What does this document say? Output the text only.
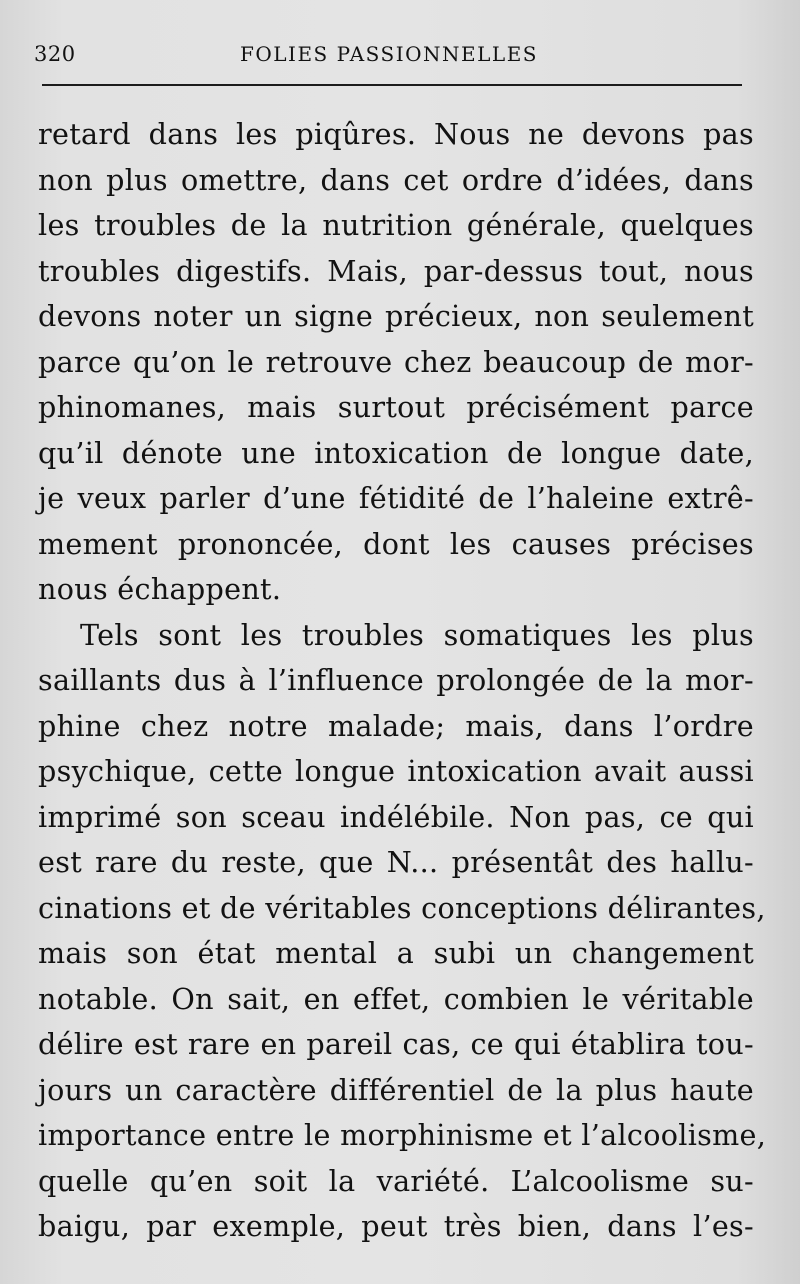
320	FOLIES PASSIONNELLES
retard dans les piqûres. Nous ne devons pas
non plus omettre, dans cet ordre d’idées, dans
les troubles de la nutrition générale, quelques
troubles digestifs. Mais, par-dessus tout, nous
devons noter un signe précieux, non seulement
parce qu’on le retrouve chez beaucoup de mor-
phinomanes, mais surtout précisément parce
qu’il dénote une intoxication de longue date,
je veux parler d’une fétidité de l’haleine extrê-
mement prononcée, dont les causes précises
nous échappent.
Tels sont les troubles somatiques les plus
saillants dus à l’influence prolongée de la mor-
phine chez notre malade; mais, dans l’ordre
psychique, cette longue intoxication avait aussi
imprimé son sceau indélébile. Non pas, ce qui
est rare du reste, que N... présentât des hallu-
cinations et de véritables conceptions délirantes,
mais son état mental a subi un changement
notable. On sait, en effet, combien le véritable
délire est rare en pareil cas, ce qui établira tou-
jours un caractère différentiel de la plus haute
importance entre le morphinisme et l’alcoolisme,
quelle qu’en soit la variété. L’alcoolisme su-
baigu, par exemple, peut très bien, dans l’es-
